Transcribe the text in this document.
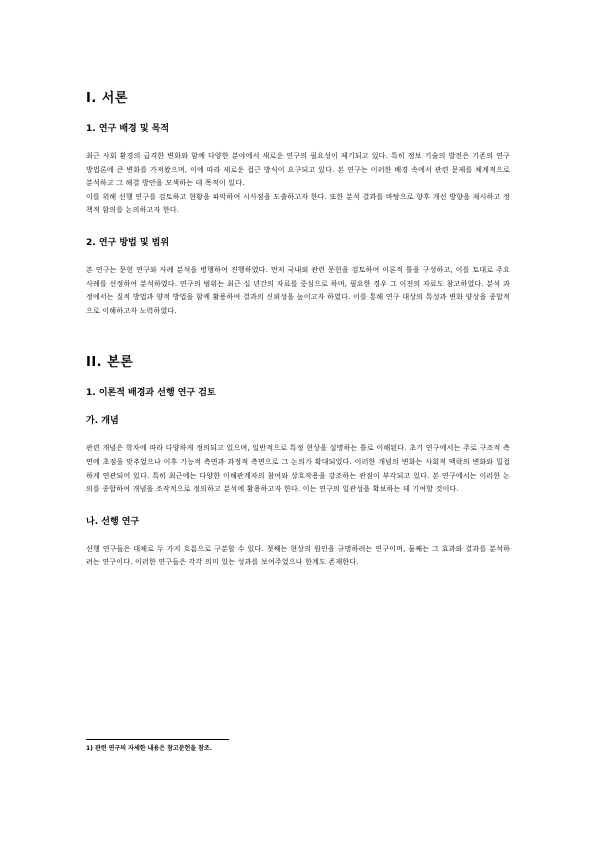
I. 서론
1. 연구 배경 및 목적

최근 사회 환경의 급격한 변화와 함께 다양한 분야에서 새로운 연구의 필요성이 제기되고 있다. 특히 정보 기술의 발전은 기존의 연구 방법론에 큰 변화를 가져왔으며, 이에 따라 새로운 접근 방식이 요구되고 있다. 본 연구는 이러한 배경 속에서 관련 문제를 체계적으로 분석하고 그 해결 방안을 모색하는 데 목적이 있다.

이를 위해 선행 연구를 검토하고 현황을 파악하여 시사점을 도출하고자 한다. 또한 분석 결과를 바탕으로 향후 개선 방향을 제시하고 정책적 함의를 논의하고자 한다.

2. 연구 방법 및 범위

본 연구는 문헌 연구와 사례 분석을 병행하여 진행하였다. 먼저 국내외 관련 문헌을 검토하여 이론적 틀을 구성하고, 이를 토대로 주요 사례를 선정하여 분석하였다. 연구의 범위는 최근 십 년간의 자료를 중심으로 하며, 필요한 경우 그 이전의 자료도 참고하였다. 분석 과정에서는 질적 방법과 양적 방법을 함께 활용하여 결과의 신뢰성을 높이고자 하였다. 이를 통해 연구 대상의 특성과 변화 양상을 종합적으로 이해하고자 노력하였다.

II. 본론
1. 이론적 배경과 선행 연구 검토
가. 개념

관련 개념은 학자에 따라 다양하게 정의되고 있으며, 일반적으로 특정 현상을 설명하는 틀로 이해된다. 초기 연구에서는 주로 구조적 측면에 초점을 맞추었으나 이후 기능적 측면과 과정적 측면으로 그 논의가 확대되었다. 이러한 개념의 변화는 사회적 맥락의 변화와 밀접하게 연관되어 있다. 특히 최근에는 다양한 이해관계자의 참여와 상호작용을 강조하는 관점이 부각되고 있다. 본 연구에서는 이러한 논의를 종합하여 개념을 조작적으로 정의하고 분석에 활용하고자 한다. 이는 연구의 일관성을 확보하는 데 기여할 것이다.

나. 선행 연구

선행 연구들은 대체로 두 가지 흐름으로 구분할 수 있다. 첫째는 현상의 원인을 규명하려는 연구이며, 둘째는 그 효과와 결과를 분석하려는 연구이다. 이러한 연구들은 각각 의미 있는 성과를 보여주었으나 한계도 존재한다.

1) 관련 연구의 자세한 내용은 참고문헌을 참조.
